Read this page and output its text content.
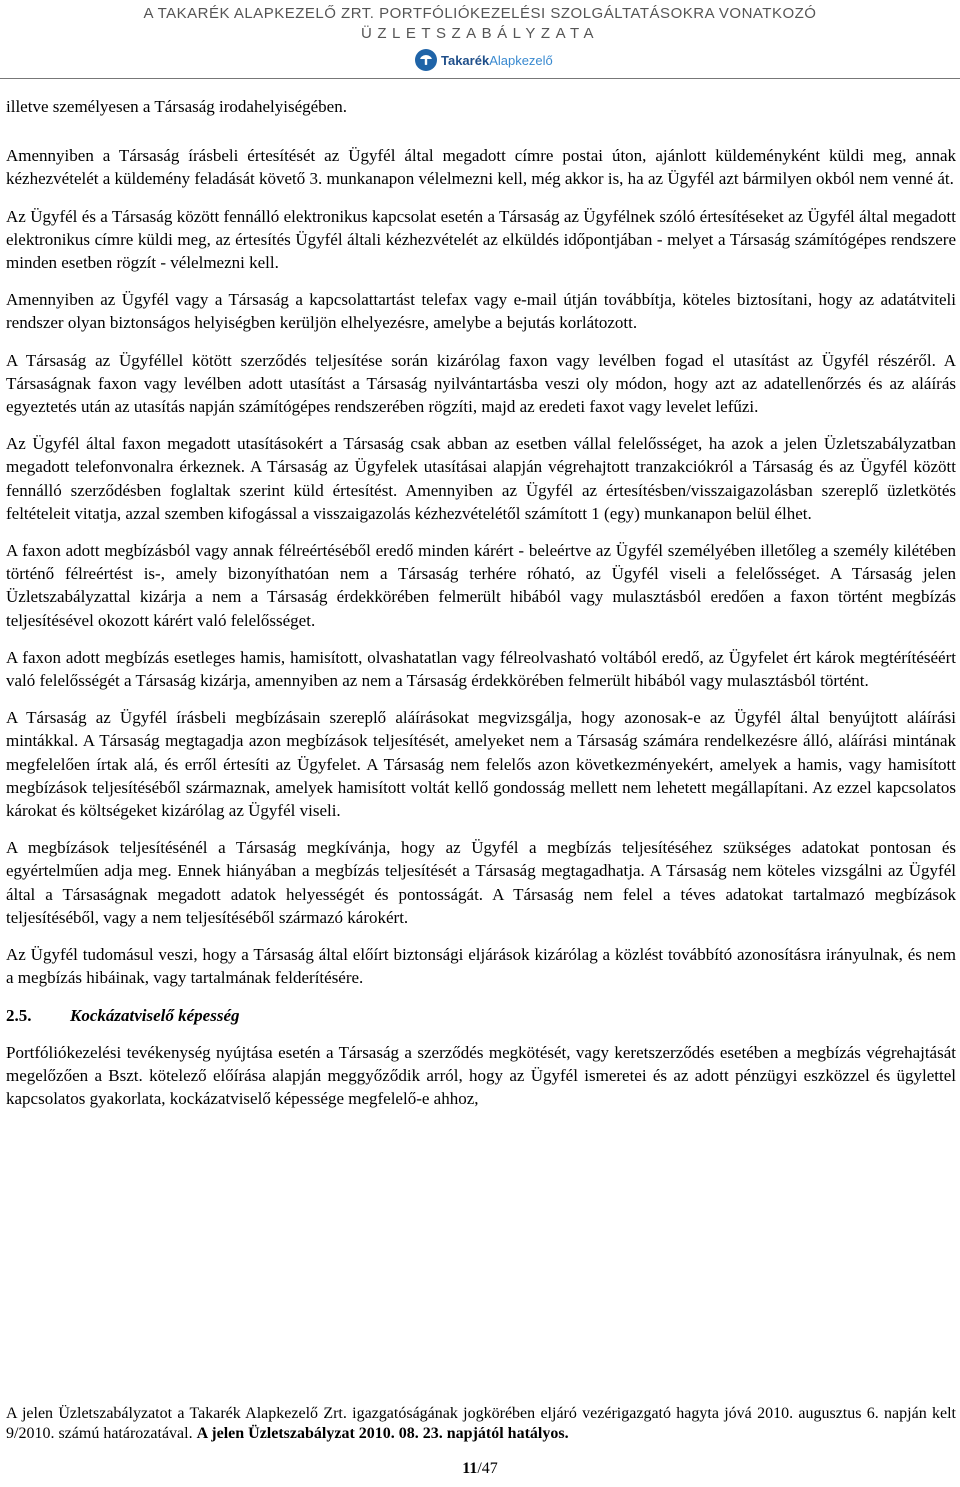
A TAKARÉK ALAPKEZELŐ ZRT. PORTFÓLIÓKEZELÉSI SZOLGÁLTATÁSOKRA VONATKOZÓ
ÜZLETSZABÁLYZATA
TakarékAlapkezelő

illetve személyesen a Társaság irodahelyiségében.

Amennyiben a Társaság írásbeli értesítését az Ügyfél által megadott címre postai úton, ajánlott küldeményként küldi meg, annak kézhezvételét a küldemény feladását követő 3. munkanapon vélelmezni kell, még akkor is, ha az Ügyfél azt bármilyen okból nem venné át.

Az Ügyfél és a Társaság között fennálló elektronikus kapcsolat esetén a Társaság az Ügyfélnek szóló értesítéseket az Ügyfél által megadott elektronikus címre küldi meg, az értesítés Ügyfél általi kézhezvételét az elküldés időpontjában - melyet a Társaság számítógépes rendszere minden esetben rögzít - vélelmezni kell.

Amennyiben az Ügyfél vagy a Társaság a kapcsolattartást telefax vagy e-mail útján továbbítja, köteles biztosítani, hogy az adatátviteli rendszer olyan biztonságos helyiségben kerüljön elhelyezésre, amelybe a bejutás korlátozott.

A Társaság az Ügyféllel kötött szerződés teljesítése során kizárólag faxon vagy levélben fogad el utasítást az Ügyfél részéről. A Társaságnak faxon vagy levélben adott utasítást a Társaság nyilvántartásba veszi oly módon, hogy azt az adatellenőrzés és az aláírás egyeztetés után az utasítás napján számítógépes rendszerében rögzíti, majd az eredeti faxot vagy levelet lefűzi.

Az Ügyfél által faxon megadott utasításokért a Társaság csak abban az esetben vállal felelősséget, ha azok a jelen Üzletszabályzatban megadott telefonvonalra érkeznek. A Társaság az Ügyfelek utasításai alapján végrehajtott tranzakciókról a Társaság és az Ügyfél között fennálló szerződésben foglaltak szerint küld értesítést. Amennyiben az Ügyfél az értesítésben/visszaigazolásban szereplő üzletkötés feltételeit vitatja, azzal szemben kifogással a visszaigazolás kézhezvételétől számított 1 (egy) munkanapon belül élhet.

A faxon adott megbízásból vagy annak félreértéséből eredő minden kárért - beleértve az Ügyfél személyében illetőleg a személy kilétében történő félreértést is-, amely bizonyíthatóan nem a Társaság terhére róható, az Ügyfél viseli a felelősséget. A Társaság jelen Üzletszabályzattal kizárja a nem a Társaság érdekkörében felmerült hibából vagy mulasztásból eredően a faxon történt megbízás teljesítésével okozott kárért való felelősséget.

A faxon adott megbízás esetleges hamis, hamisított, olvashatatlan vagy félreolvasható voltából eredő, az Ügyfelet ért károk megtérítéséért való felelősségét a Társaság kizárja, amennyiben az nem a Társaság érdekkörében felmerült hibából vagy mulasztásból történt.

A Társaság az Ügyfél írásbeli megbízásain szereplő aláírásokat megvizsgálja, hogy azonosak-e az Ügyfél által benyújtott aláírási mintákkal. A Társaság megtagadja azon megbízások teljesítését, amelyeket nem a Társaság számára rendelkezésre álló, aláírási mintának megfelelően írtak alá, és erről értesíti az Ügyfelet. A Társaság nem felelős azon következményekért, amelyek a hamis, vagy hamisított megbízások teljesítéséből származnak, amelyek hamisított voltát kellő gondosság mellett nem lehetett megállapítani. Az ezzel kapcsolatos károkat és költségeket kizárólag az Ügyfél viseli.

A megbízások teljesítésénél a Társaság megkívánja, hogy az Ügyfél a megbízás teljesítéséhez szükséges adatokat pontosan és egyértelműen adja meg. Ennek hiányában a megbízás teljesítését a Társaság megtagadhatja. A Társaság nem köteles vizsgálni az Ügyfél által a Társaságnak megadott adatok helyességét és pontosságát. A Társaság nem felel a téves adatokat tartalmazó megbízások teljesítéséből, vagy a nem teljesítéséből származó károkért.

Az Ügyfél tudomásul veszi, hogy a Társaság által előírt biztonsági eljárások kizárólag a közlést továbbító azonosításra irányulnak, és nem a megbízás hibáinak, vagy tartalmának felderítésére.

2.5. Kockázatviselő képesség

Portfóliókezelési tevékenység nyújtása esetén a Társaság a szerződés megkötését, vagy keretszerződés esetében a megbízás végrehajtását megelőzően a Bszt. kötelező előírása alapján meggyőződik arról, hogy az Ügyfél ismeretei és az adott pénzügyi eszközzel és ügylettel kapcsolatos gyakorlata, kockázatviselő képessége megfelelő-e ahhoz,

A jelen Üzletszabályzatot a Takarék Alapkezelő Zrt. igazgatóságának jogkörében eljáró vezérigazgató hagyta jóvá 2010. augusztus 6. napján kelt 9/2010. számú határozatával. A jelen Üzletszabályzat 2010. 08. 23. napjától hatályos.
11/47
